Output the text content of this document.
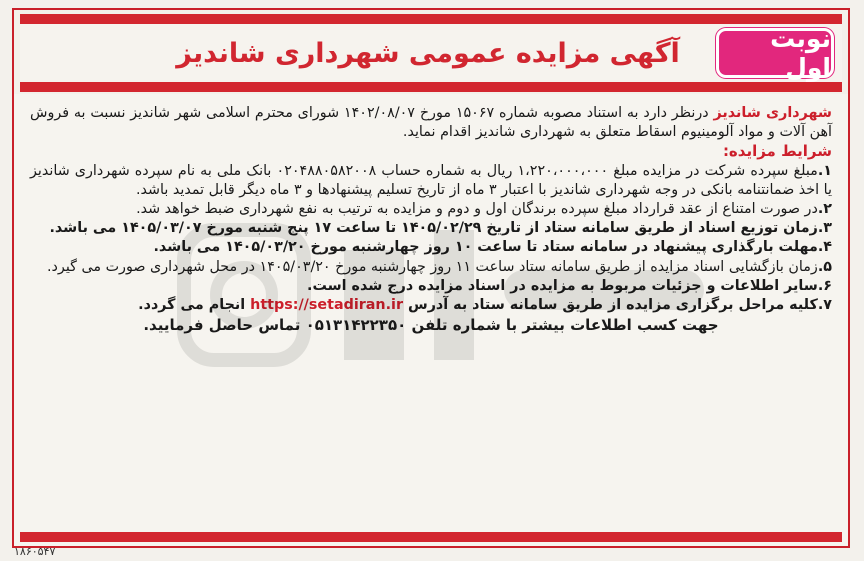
نوبت اول
آگهی مزایده عمومی شهرداری شاندیز

شهرداری شاندیز درنظر دارد به استناد مصوبه شماره ۱۵۰۶۷ مورخ ۱۴۰۲/۰۸/۰۷ شورای محترم اسلامی شهر شاندیز نسبت به فروش آهن آلات و مواد آلومینیوم اسقاط متعلق به شهرداری شاندیز اقدام نماید.

شرایط مزایده:

۱.مبلغ سپرده شرکت در مزایده مبلغ ۱،۲۲۰،۰۰۰،۰۰۰ ریال به شماره حساب ۰۲۰۴۸۸۰۵۸۲۰۰۸ بانک ملی به نام سپرده شهرداری شاندیز یا اخذ ضمانتنامه بانکی در وجه شهرداری شاندیز با اعتبار ۳ ماه از تاریخ تسلیم پیشنهادها و ۳ ماه دیگر قابل تمدید باشد.

۲.در صورت امتناع از عقد قرارداد مبلغ سپرده برندگان اول و دوم و مزایده به ترتیب به نفع شهرداری ضبط خواهد شد.

۳.زمان توزیع اسناد از طریق سامانه ستاد از تاریخ ۱۴۰۵/۰۲/۲۹ تا ساعت ۱۷ پنج شنبه مورخ ۱۴۰۵/۰۳/۰۷ می باشد.

۴.مهلت بارگذاری پیشنهاد در سامانه ستاد تا ساعت ۱۰ روز چهارشنبه مورخ ۱۴۰۵/۰۳/۲۰ می باشد.

۵.زمان بازگشایی اسناد مزایده از طریق سامانه ستاد ساعت ۱۱ روز چهارشنبه مورخ ۱۴۰۵/۰۳/۲۰ در محل شهرداری صورت می گیرد.

۶.سایر اطلاعات و جزئیات مربوط به مزایده در اسناد مزایده درج شده است.

۷.کلیه مراحل برگزاری مزایده از طریق سامانه ستاد به آدرس https://setadiran.ir انجام می گردد.

جهت کسب اطلاعات بیشتر با شماره تلفن ۰۵۱۳۱۴۲۲۳۵۰ تماس حاصل فرمایید.
۱۸۶۰۵۴۷
